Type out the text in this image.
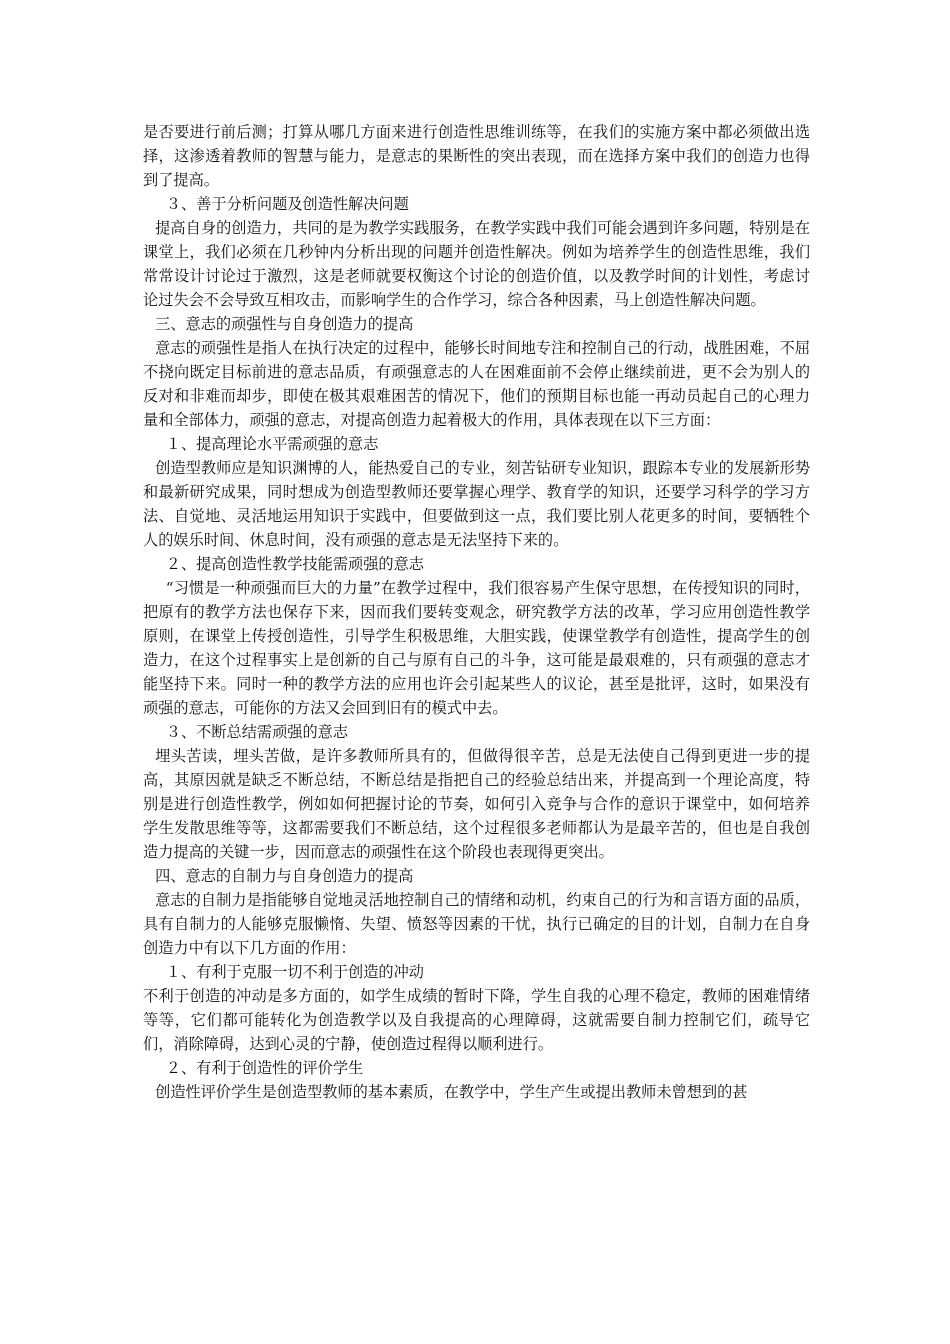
是否要进行前后测；打算从哪几方面来进行创造性思维训练等，在我们的实施方案中都必须做出选择，这渗透着教师的智慧与能力，是意志的果断性的突出表现，而在选择方案中我们的创造力也得到了提高。

３、善于分析问题及创造性解决问题

提高自身的创造力，共同的是为教学实践服务，在教学实践中我们可能会遇到许多问题，特别是在课堂上，我们必须在几秒钟内分析出现的问题并创造性解决。例如为培养学生的创造性思维，我们常常设计讨论过于激烈，这是老师就要权衡这个讨论的创造价值，以及教学时间的计划性，考虑讨论过失会不会导致互相攻击，而影响学生的合作学习，综合各种因素，马上创造性解决问题。

三、意志的顽强性与自身创造力的提高

意志的顽强性是指人在执行决定的过程中，能够长时间地专注和控制自己的行动，战胜困难，不屈不挠向既定目标前进的意志品质，有顽强意志的人在困难面前不会停止继续前进，更不会为别人的反对和非难而却步，即使在极其艰难困苦的情况下，他们的预期目标也能一再动员起自己的心理力量和全部体力，顽强的意志，对提高创造力起着极大的作用，具体表现在以下三方面：

１、提高理论水平需顽强的意志

创造型教师应是知识渊博的人，能热爱自己的专业，刻苦钻研专业知识，跟踪本专业的发展新形势和最新研究成果，同时想成为创造型教师还要掌握心理学、教育学的知识，还要学习科学的学习方法、自觉地、灵活地运用知识于实践中，但要做到这一点，我们要比别人花更多的时间，要牺牲个人的娱乐时间、休息时间，没有顽强的意志是无法坚持下来的。

２、提高创造性教学技能需顽强的意志

“习惯是一种顽强而巨大的力量”在教学过程中，我们很容易产生保守思想，在传授知识的同时，把原有的教学方法也保存下来，因而我们要转变观念，研究教学方法的改革，学习应用创造性教学原则，在课堂上传授创造性，引导学生积极思维，大胆实践，使课堂教学有创造性，提高学生的创造力，在这个过程事实上是创新的自己与原有自己的斗争，这可能是最艰难的，只有顽强的意志才能坚持下来。同时一种的教学方法的应用也许会引起某些人的议论，甚至是批评，这时，如果没有顽强的意志，可能你的方法又会回到旧有的模式中去。

３、不断总结需顽强的意志

埋头苦读，埋头苦做，是许多教师所具有的，但做得很辛苦，总是无法使自己得到更进一步的提高，其原因就是缺乏不断总结，不断总结是指把自己的经验总结出来，并提高到一个理论高度，特别是进行创造性教学，例如如何把握讨论的节奏，如何引入竞争与合作的意识于课堂中，如何培养学生发散思维等等，这都需要我们不断总结，这个过程很多老师都认为是最辛苦的，但也是自我创造力提高的关键一步，因而意志的顽强性在这个阶段也表现得更突出。

四、意志的自制力与自身创造力的提高

意志的自制力是指能够自觉地灵活地控制自己的情绪和动机，约束自己的行为和言语方面的品质，具有自制力的人能够克服懒惰、失望、愤怒等因素的干忧，执行已确定的目的计划，自制力在自身创造力中有以下几方面的作用：

１、有利于克服一切不利于创造的冲动

不利于创造的冲动是多方面的，如学生成绩的暂时下降，学生自我的心理不稳定，教师的困难情绪等等，它们都可能转化为创造教学以及自我提高的心理障碍，这就需要自制力控制它们，疏导它们，消除障碍，达到心灵的宁静，使创造过程得以顺利进行。

２、有利于创造性的评价学生

创造性评价学生是创造型教师的基本素质，在教学中，学生产生或提出教师未曾想到的甚
